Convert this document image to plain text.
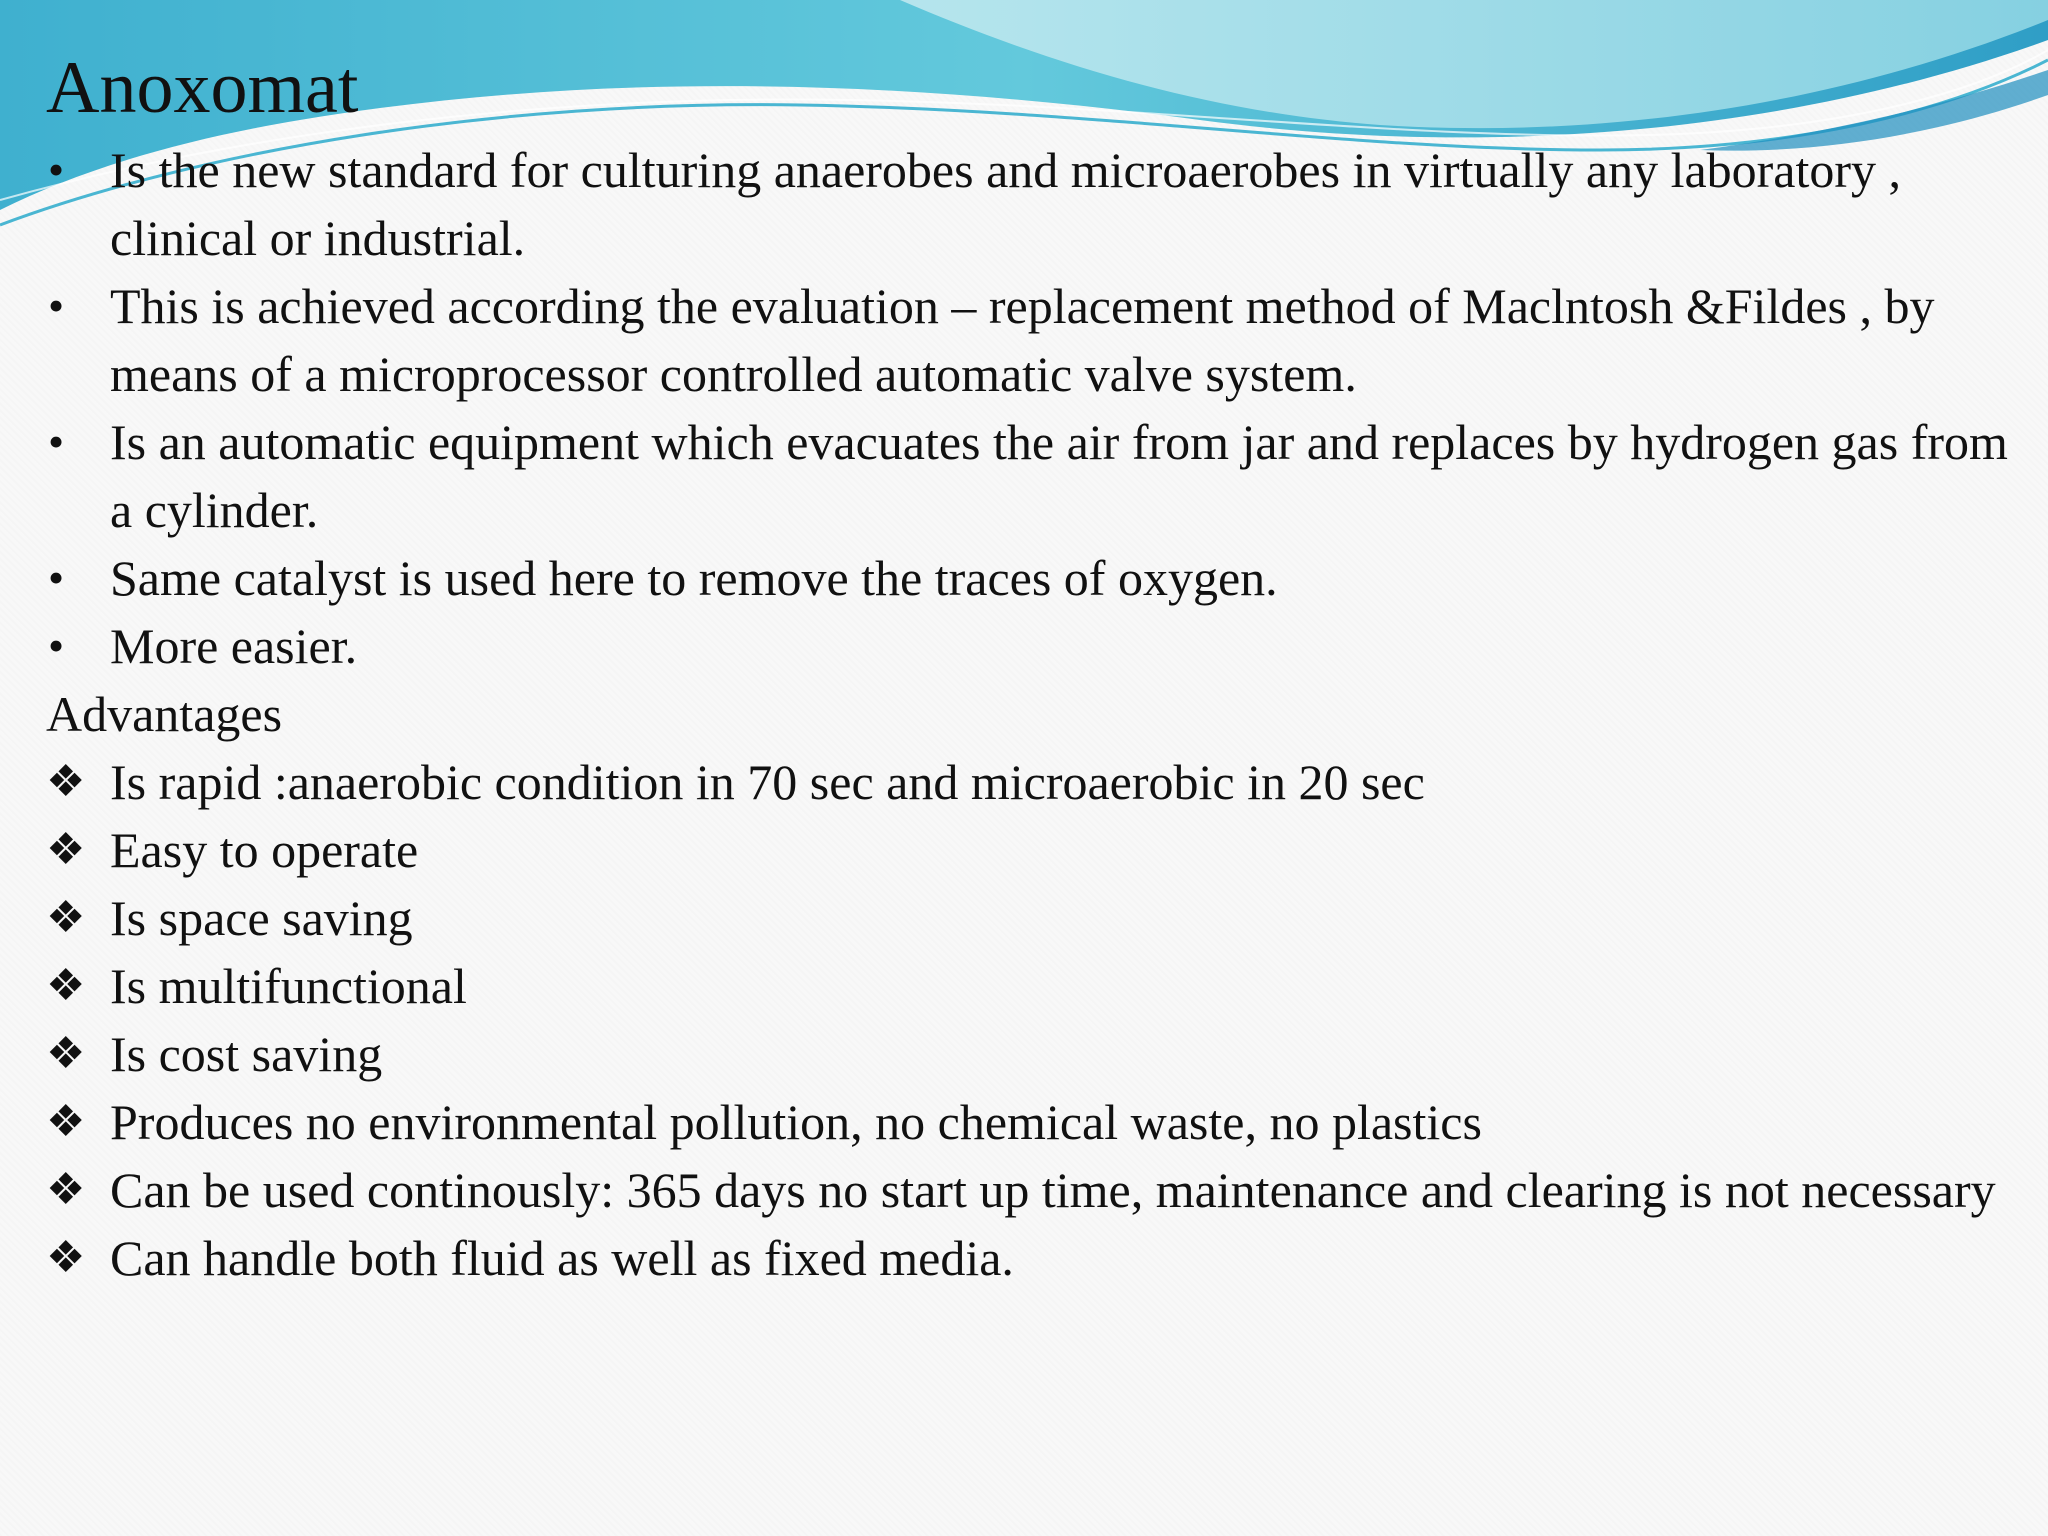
Anoxomat
• Is the new standard for culturing anaerobes and microaerobes in virtually any laboratory , clinical or industrial.
• This is achieved according the evaluation – replacement method of Maclntosh &Fildes , by means of a microprocessor controlled automatic valve system.
• Is an automatic equipment which evacuates the air from jar and replaces by hydrogen gas from a cylinder.
• Same catalyst is used here to remove the traces of oxygen.
• More easier.
Advantages
❖ Is rapid :anaerobic condition in 70 sec and microaerobic in 20 sec
❖ Easy to operate
❖ Is space saving
❖ Is multifunctional
❖ Is cost saving
❖ Produces no environmental pollution, no chemical waste, no plastics
❖ Can be used continously: 365 days no start up time, maintenance and clearing is not necessary
❖ Can handle both fluid as well as fixed media.
